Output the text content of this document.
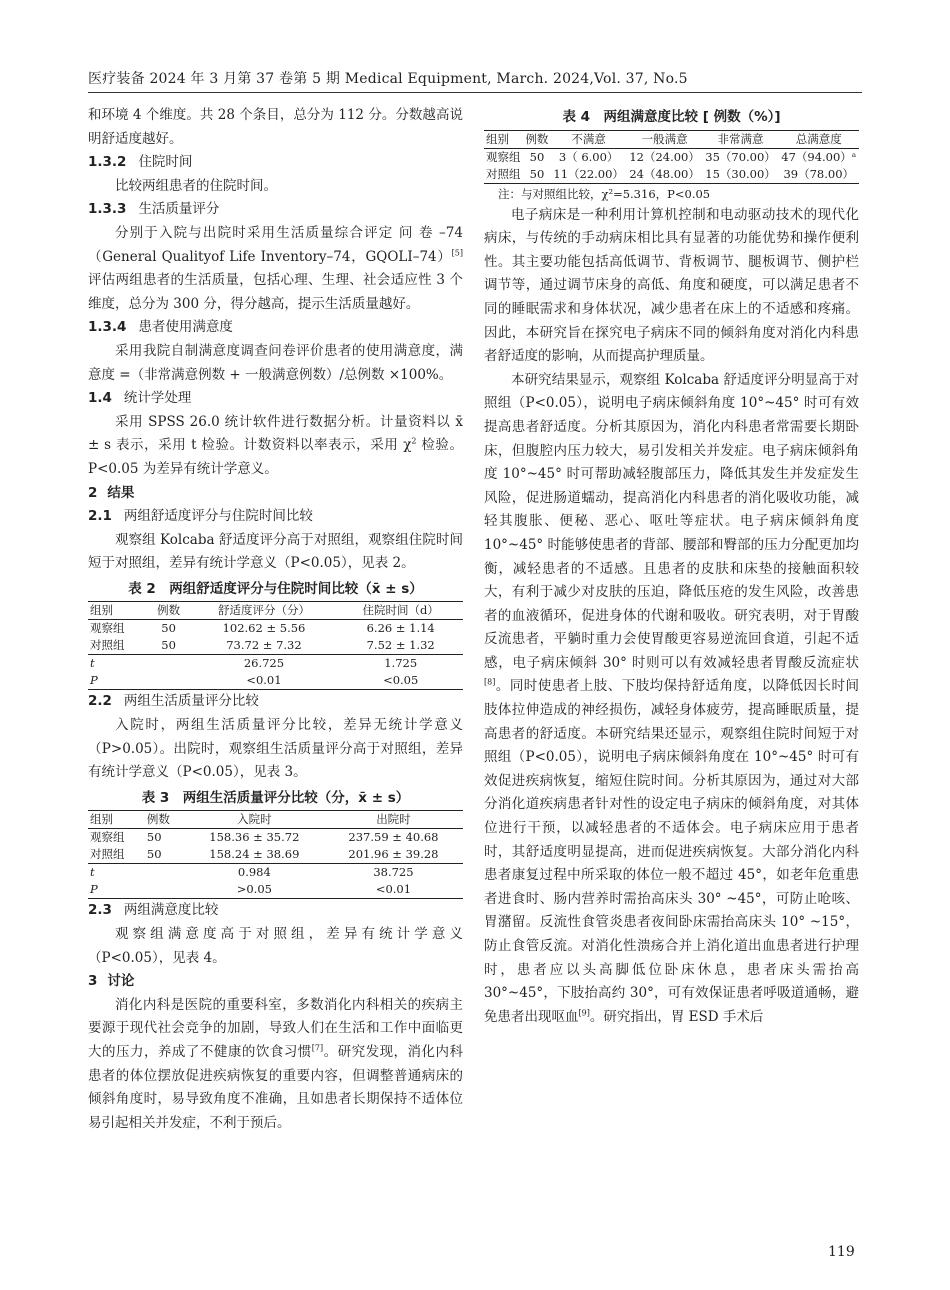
医疗装备 2024 年 3 月第 37 卷第 5 期 Medical Equipment, March. 2024,Vol. 37, No.5

和环境 4 个维度。共 28 个条目，总分为 112 分。分数越高说明舒适度越好。

1.3.2 住院时间

比较两组患者的住院时间。

1.3.3 生活质量评分

分别于入院与出院时采用生活质量综合评定 问 卷 –74（General Qualityof Life Inventory–74，GQOLI–74）[5]评估两组患者的生活质量，包括心理、生理、社会适应性 3 个维度，总分为 300 分，得分越高，提示生活质量越好。

1.3.4 患者使用满意度

采用我院自制满意度调查问卷评价患者的使用满意度，满意度 =（非常满意例数 + 一般满意例数）/总例数 ×100%。

1.4 统计学处理

采用 SPSS 26.0 统计软件进行数据分析。计量资料以 x̄ ± s 表示，采用 t 检验。计数资料以率表示，采用 $\chi^2$ 检验。P<0.05 为差异有统计学意义。

2 结果
2.1 两组舒适度评分与住院时间比较

观察组 Kolcaba 舒适度评分高于对照组，观察组住院时间短于对照组，差异有统计学意义（P<0.05），见表 2。

表 2　两组舒适度评分与住院时间比较（x̄ ± s）
组别	例数	舒适度评分（分）	住院时间（d）
观察组	50	102.62 ± 5.56	6.26 ± 1.14
对照组	50	73.72 ± 7.32	7.52 ± 1.32
t		26.725	1.725
P		<0.01	<0.05
2.2 两组生活质量评分比较

入院时，两组生活质量评分比较，差异无统计学意义（P>0.05）。出院时，观察组生活质量评分高于对照组，差异有统计学意义（P<0.05），见表 3。

表 3　两组生活质量评分比较（分，x̄ ± s）
组别	例数	入院时	出院时
观察组	50	158.36 ± 35.72	237.59 ± 40.68
对照组	50	158.24 ± 38.69	201.96 ± 39.28
t		0.984	38.725
P		>0.05	<0.01
2.3 两组满意度比较

观察组满意度高于对照组，差异有统计学意义（P<0.05），见表 4。

3 讨论

消化内科是医院的重要科室，多数消化内科相关的疾病主要源于现代社会竞争的加剧，导致人们在生活和工作中面临更大的压力，养成了不健康的饮食习惯[7]。研究发现，消化内科患者的体位摆放促进疾病恢复的重要内容，但调整普通病床的倾斜角度时，易导致角度不准确，且如患者长期保持不适体位易引起相关并发症，不利于预后。

表 4　两组满意度比较 [ 例数（%）]
组别	例数	不满意	一般满意	非常满意	总满意度
观察组	50	3（ 6.00）	12（24.00）	35（70.00）	47（94.00）ᵃ
对照组	50	11（22.00）	24（48.00）	15（30.00）	39（78.00）
注：与对照组比较，χ²=5.316，P<0.05

电子病床是一种利用计算机控制和电动驱动技术的现代化病床，与传统的手动病床相比具有显著的功能优势和操作便利性。其主要功能包括高低调节、背板调节、腿板调节、侧护栏调节等，通过调节床身的高低、角度和硬度，可以满足患者不同的睡眠需求和身体状况，减少患者在床上的不适感和疼痛。因此，本研究旨在探究电子病床不同的倾斜角度对消化内科患者舒适度的影响，从而提高护理质量。

本研究结果显示，观察组 Kolcaba 舒适度评分明显高于对照组（P<0.05），说明电子病床倾斜角度 10°~45° 时可有效提高患者舒适度。分析其原因为，消化内科患者常需要长期卧床，但腹腔内压力较大，易引发相关并发症。电子病床倾斜角度 10°~45° 时可帮助减轻腹部压力，降低其发生并发症发生风险，促进肠道蠕动，提高消化内科患者的消化吸收功能，减轻其腹胀、便秘、恶心、呕吐等症状。电子病床倾斜角度 10°~45° 时能够使患者的背部、腰部和臀部的压力分配更加均衡，减轻患者的不适感。且患者的皮肤和床垫的接触面积较大，有利于减少对皮肤的压迫，降低压疮的发生风险，改善患者的血液循环，促进身体的代谢和吸收。研究表明，对于胃酸反流患者，平躺时重力会使胃酸更容易逆流回食道，引起不适感，电子病床倾斜 30° 时则可以有效减轻患者胃酸反流症状[8]。同时使患者上肢、下肢均保持舒适角度，以降低因长时间肢体拉伸造成的神经损伤，减轻身体疲劳，提高睡眠质量，提高患者的舒适度。本研究结果还显示，观察组住院时间短于对照组（P<0.05），说明电子病床倾斜角度在 10°~45° 时可有效促进疾病恢复，缩短住院时间。分析其原因为，通过对大部分消化道疾病患者针对性的设定电子病床的倾斜角度，对其体位进行干预，以减轻患者的不适体会。电子病床应用于患者时，其舒适度明显提高，进而促进疾病恢复。大部分消化内科患者康复过程中所采取的体位一般不超过 45°，如老年危重患者进食时、肠内营养时需抬高床头 30° ~45°，可防止呛咳、胃潴留。反流性食管炎患者夜间卧床需抬高床头 10° ~15°，防止食管反流。对消化性溃疡合并上消化道出血患者进行护理时，患者应以头高脚低位卧床休息，患者床头需抬高 30°~45°，下肢抬高约 30°，可有效保证患者呼吸道通畅，避免患者出现呕血[9]。研究指出，胃 ESD 手术后

119
